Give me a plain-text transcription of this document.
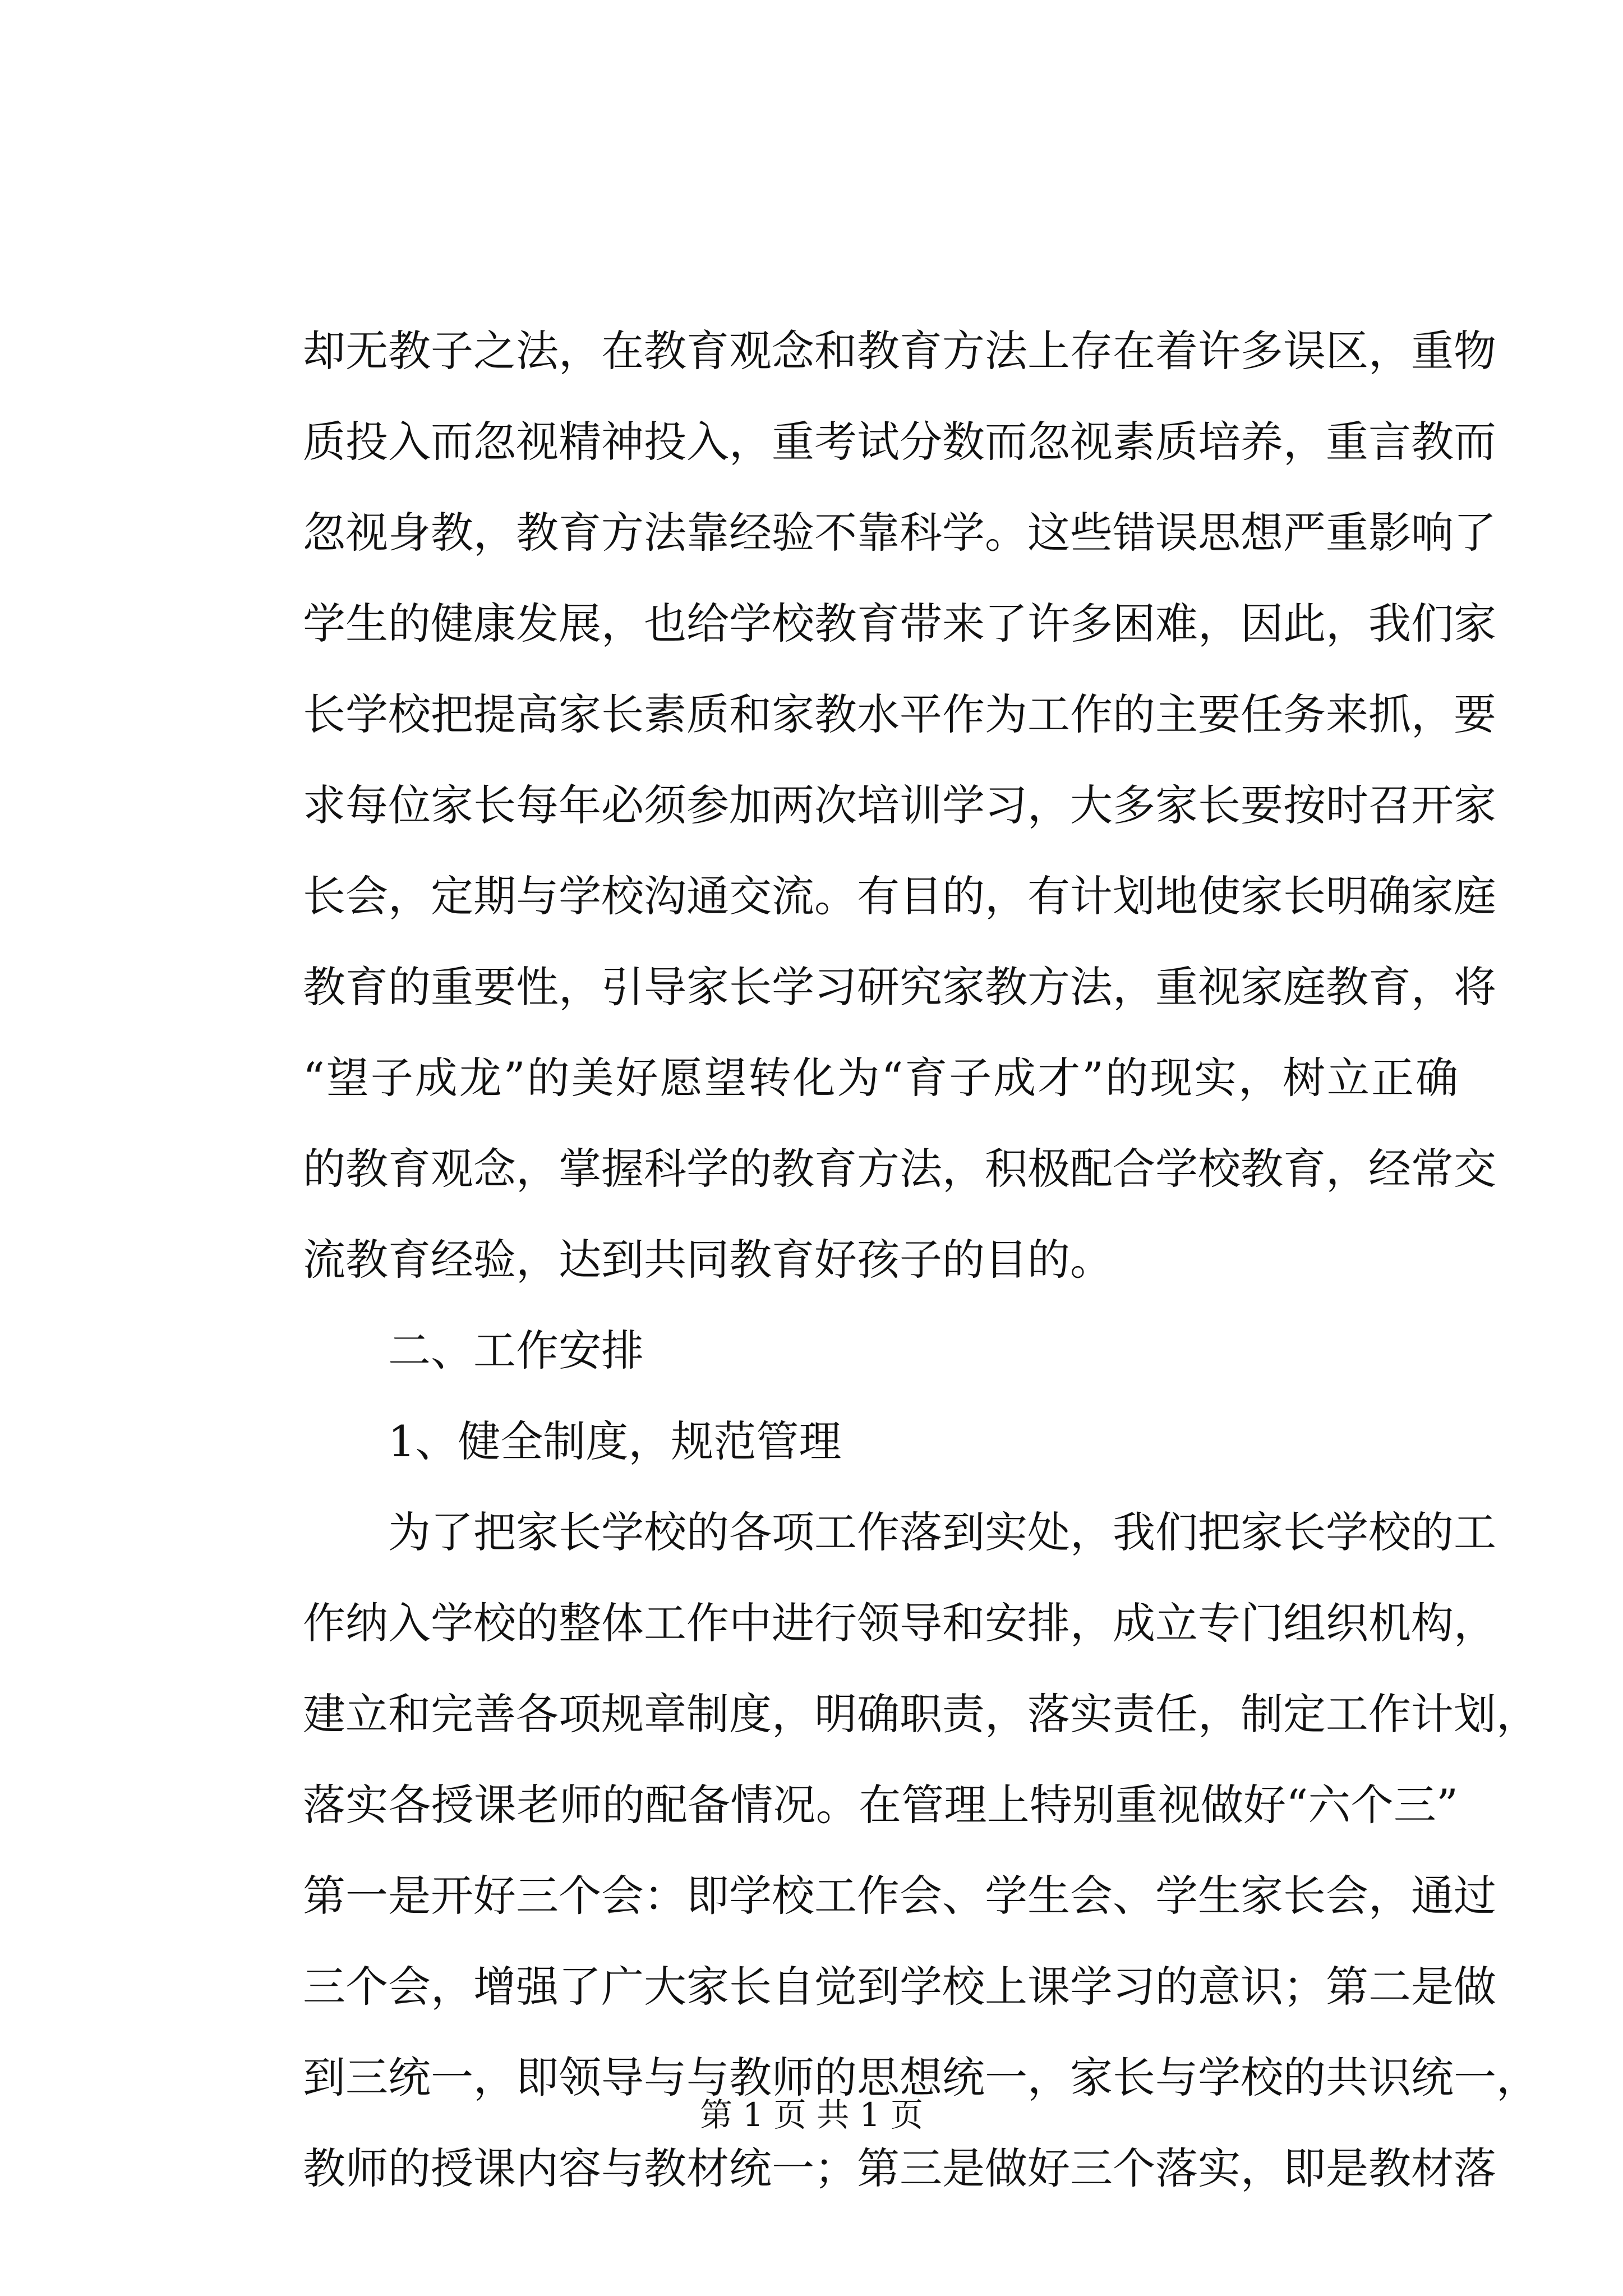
却无教子之法，在教育观念和教育方法上存在着许多误区，重物
质投入而忽视精神投入，重考试分数而忽视素质培养，重言教而
忽视身教，教育方法靠经验不靠科学。这些错误思想严重影响了
学生的健康发展，也给学校教育带来了许多困难，因此，我们家
长学校把提高家长素质和家教水平作为工作的主要任务来抓，要
求每位家长每年必须参加两次培训学习，大多家长要按时召开家
长会，定期与学校沟通交流。有目的，有计划地使家长明确家庭
教育的重要性，引导家长学习研究家教方法，重视家庭教育，将
“望子成龙”的美好愿望转化为“育子成才”的现实，树立正确
的教育观念，掌握科学的教育方法，积极配合学校教育，经常交
流教育经验，达到共同教育好孩子的目的。
二、工作安排
1、健全制度，规范管理
为了把家长学校的各项工作落到实处，我们把家长学校的工
作纳入学校的整体工作中进行领导和安排，成立专门组织机构，
建立和完善各项规章制度，明确职责，落实责任，制定工作计划，
落实各授课老师的配备情况。在管理上特别重视做好“六个三”
第一是开好三个会：即学校工作会、学生会、学生家长会，通过
三个会，增强了广大家长自觉到学校上课学习的意识；第二是做
到三统一，即领导与与教师的思想统一，家长与学校的共识统一，
教师的授课内容与教材统一；第三是做好三个落实，即是教材落
第 1 页 共 1 页
